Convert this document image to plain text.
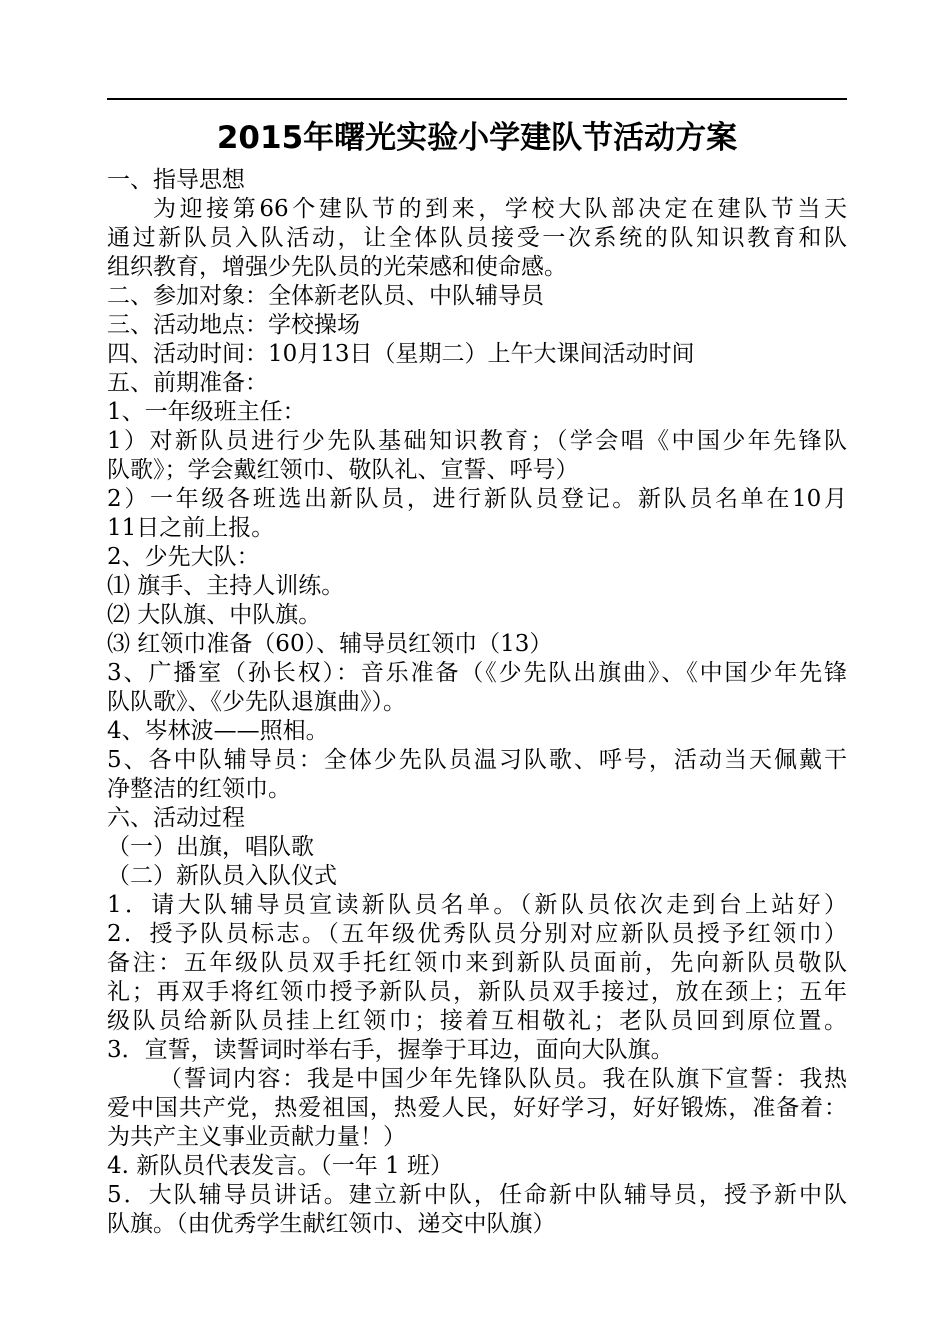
2015年曙光实验小学建队节活动方案
一、指导思想
为迎接第66个建队节的到来，学校大队部决定在建队节当天
通过新队员入队活动，让全体队员接受一次系统的队知识教育和队
组织教育，增强少先队员的光荣感和使命感。
二、参加对象：全体新老队员、中队辅导员
三、活动地点：学校操场
四、活动时间：10月13日（星期二）上午大课间活动时间
五、前期准备：
1、一年级班主任：
1）对新队员进行少先队基础知识教育；（学会唱《中国少年先锋队
队歌》；学会戴红领巾、敬队礼、宣誓、呼号）
2）一年级各班选出新队员，进行新队员登记。新队员名单在10月
11日之前上报。
2、少先大队：
⑴ 旗手、主持人训练。
⑵ 大队旗、中队旗。
⑶ 红领巾准备（60）、辅导员红领巾（13）
3、广播室（孙长权）：音乐准备（《少先队出旗曲》、《中国少年先锋
队队歌》、《少先队退旗曲》）。
4、岑林波——照相。
5、各中队辅导员：全体少先队员温习队歌、呼号，活动当天佩戴干
净整洁的红领巾。
六、活动过程
（一）出旗，唱队歌
（二）新队员入队仪式
1．请大队辅导员宣读新队员名单。（新队员依次走到台上站好）
2．授予队员标志。（五年级优秀队员分别对应新队员授予红领巾）
备注：五年级队员双手托红领巾来到新队员面前，先向新队员敬队
礼；再双手将红领巾授予新队员，新队员双手接过，放在颈上；五年
级队员给新队员挂上红领巾；接着互相敬礼；老队员回到原位置。
3．宣誓，读誓词时举右手，握拳于耳边，面向大队旗。
（誓词内容：我是中国少年先锋队队员。我在队旗下宣誓：我热
爱中国共产党，热爱祖国，热爱人民，好好学习，好好锻炼，准备着：
为共产主义事业贡献力量！）
4. 新队员代表发言。（一年 1 班）
5．大队辅导员讲话。建立新中队，任命新中队辅导员，授予新中队
队旗。（由优秀学生献红领巾、递交中队旗）
